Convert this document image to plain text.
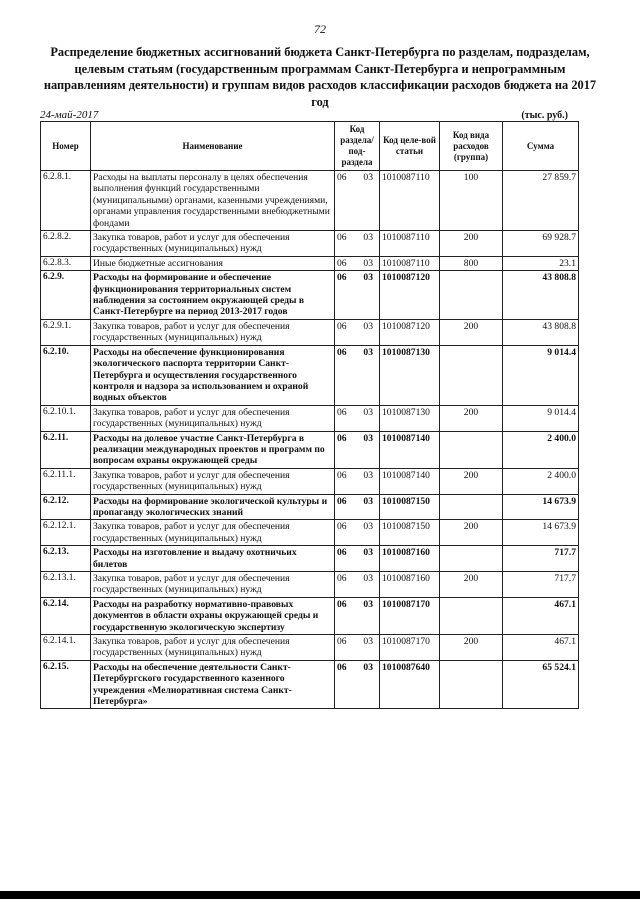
72
Распределение бюджетных ассигнований бюджета Санкт-Петербурга по разделам, подразделам, целевым статьям (государственным программам Санкт-Петербурга и непрограммным направлениям деятельности) и группам видов расходов классификации расходов бюджета на 2017 год
24-май-2017	(тыс. руб.)
Номер	Наименование	Код раздела/ под-раздела	Код целе-вой статьи	Код вида расходов (группа)	Сумма
6.2.8.1.	Расходы на выплаты персоналу в целях обеспечения выполнения функций государственными (муниципальными) органами, казенными учреждениями, органами управления государственными внебюджетными фондами	06 03	1010087110	100	27 859.7
6.2.8.2.	Закупка товаров, работ и услуг для обеспечения государственных (муниципальных) нужд	06 03	1010087110	200	69 928.7
6.2.8.3.	Иные бюджетные ассигнования	06 03	1010087110	800	23.1
6.2.9.	Расходы на формирование и обеспечение функционирования территориальных систем наблюдения за состоянием окружающей среды в Санкт-Петербурге на период 2013-2017 годов	06 03	1010087120		43 808.8
6.2.9.1.	Закупка товаров, работ и услуг для обеспечения государственных (муниципальных) нужд	06 03	1010087120	200	43 808.8
6.2.10.	Расходы на обеспечение функционирования экологического паспорта территории Санкт-Петербурга и осуществления государственного контроля и надзора за использованием и охраной водных объектов	06 03	1010087130		9 014.4
6.2.10.1.	Закупка товаров, работ и услуг для обеспечения государственных (муниципальных) нужд	06 03	1010087130	200	9 014.4
6.2.11.	Расходы на долевое участие Санкт-Петербурга в реализации международных проектов и программ по вопросам охраны окружающей среды	06 03	1010087140		2 400.0
6.2.11.1.	Закупка товаров, работ и услуг для обеспечения государственных (муниципальных) нужд	06 03	1010087140	200	2 400.0
6.2.12.	Расходы на формирование экологической культуры и пропаганду экологических знаний	06 03	1010087150		14 673.9
6.2.12.1.	Закупка товаров, работ и услуг для обеспечения государственных (муниципальных) нужд	06 03	1010087150	200	14 673.9
6.2.13.	Расходы на изготовление и выдачу охотничьих билетов	06 03	1010087160		717.7
6.2.13.1.	Закупка товаров, работ и услуг для обеспечения государственных (муниципальных) нужд	06 03	1010087160	200	717.7
6.2.14.	Расходы на разработку нормативно-правовых документов в области охраны окружающей среды и государственную экологическую экспертизу	06 03	1010087170		467.1
6.2.14.1.	Закупка товаров, работ и услуг для обеспечения государственных (муниципальных) нужд	06 03	1010087170	200	467.1
6.2.15.	Расходы на обеспечение деятельности Санкт-Петербургского государственного казенного учреждения «Мелиоративная система Санкт-Петербурга»	06 03	1010087640		65 524.1
